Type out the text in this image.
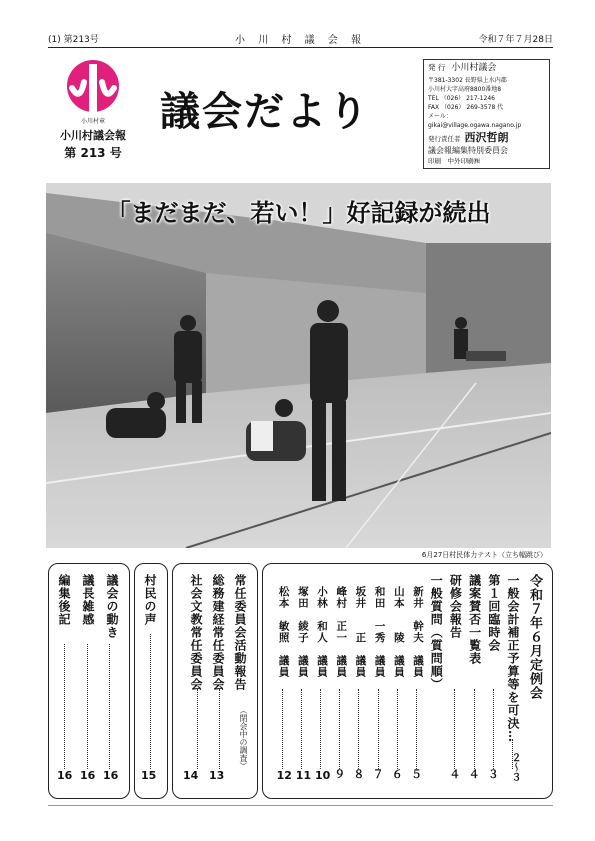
(1) 第213号	小 川 村 議 会 報	令和７年７月28日
小川村章
小川村議会報
第 213 号
議会だより
発 行 小川村議会
〒381-3302 長野県上水内郡
小川村大字高府8800番地8
TEL （026） 217-1246
FAX （026） 269-3578 代
メール：gikai@village.ogawa.nagano.jp
発行責任者 西沢哲朗
議会報編集特別委員会
印刷　中外印刷㈱
「まだまだ、若い！」好記録が続出
6月27日村民体力テスト（立ち幅跳び）
令和７年６月定例会
一般会計補正予算等を可決…
２〜３
第１回臨時会
３
議案賛否一覧表
４
研修会報告
４
一般質問（質問順）
新井　幹夫　議員
５
山本　　陵　議員
６
和田　一秀　議員
７
坂井　　正　議員
８
峰村　正一　議員
９
小林　和人　議員
10
塚田　綾子　議員
11
松本　敏照　議員
12
常任委員会活動報告
（閉会中の調査）
総務建経常任委員会
13
社会文教常任委員会
14
村民の声
15
議会の動き
16
議長雑感
16
編集後記
16
